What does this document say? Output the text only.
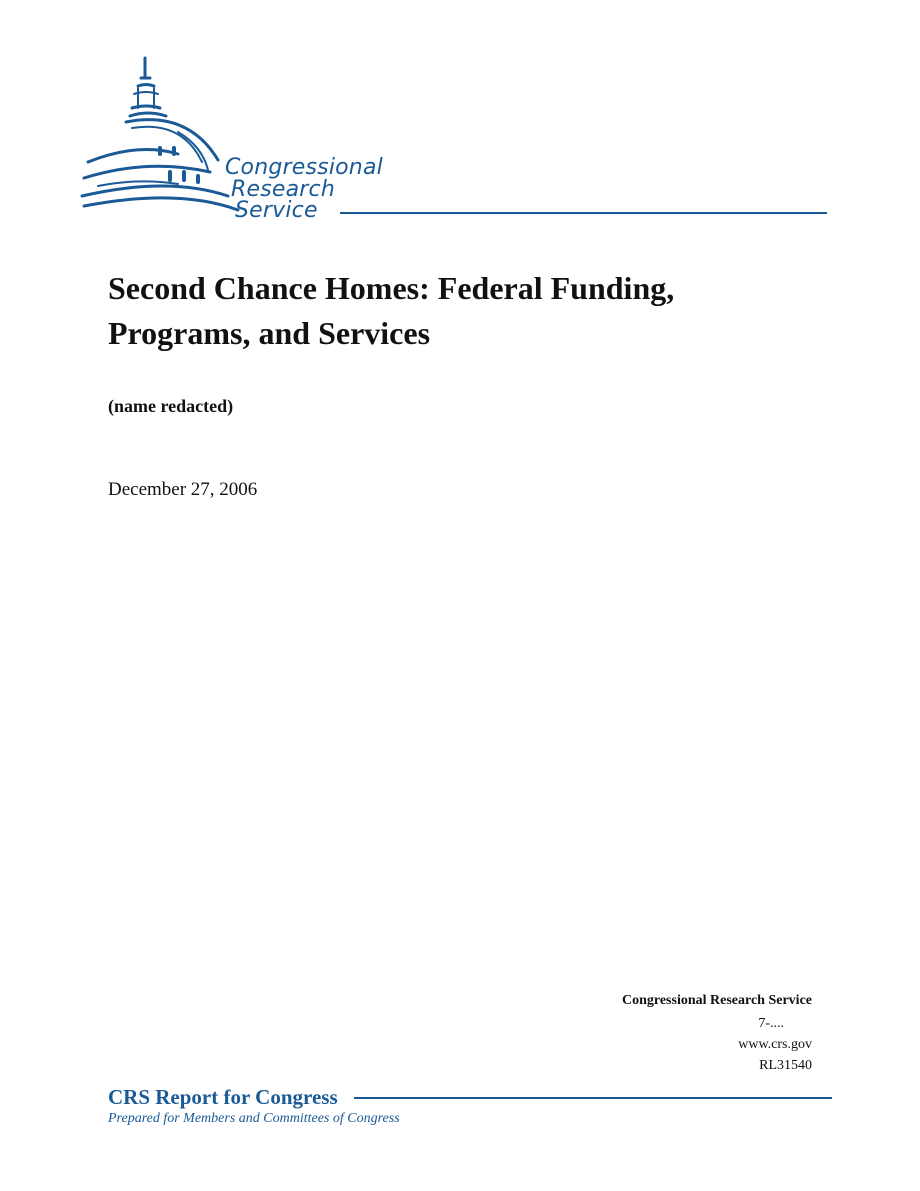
Congressional
Research
Service
Second Chance Homes: Federal Funding, Programs, and Services
(name redacted)
December 27, 2006
Congressional Research Service
7-....
www.crs.gov
RL31540
CRS Report for Congress
Prepared for Members and Committees of Congress
